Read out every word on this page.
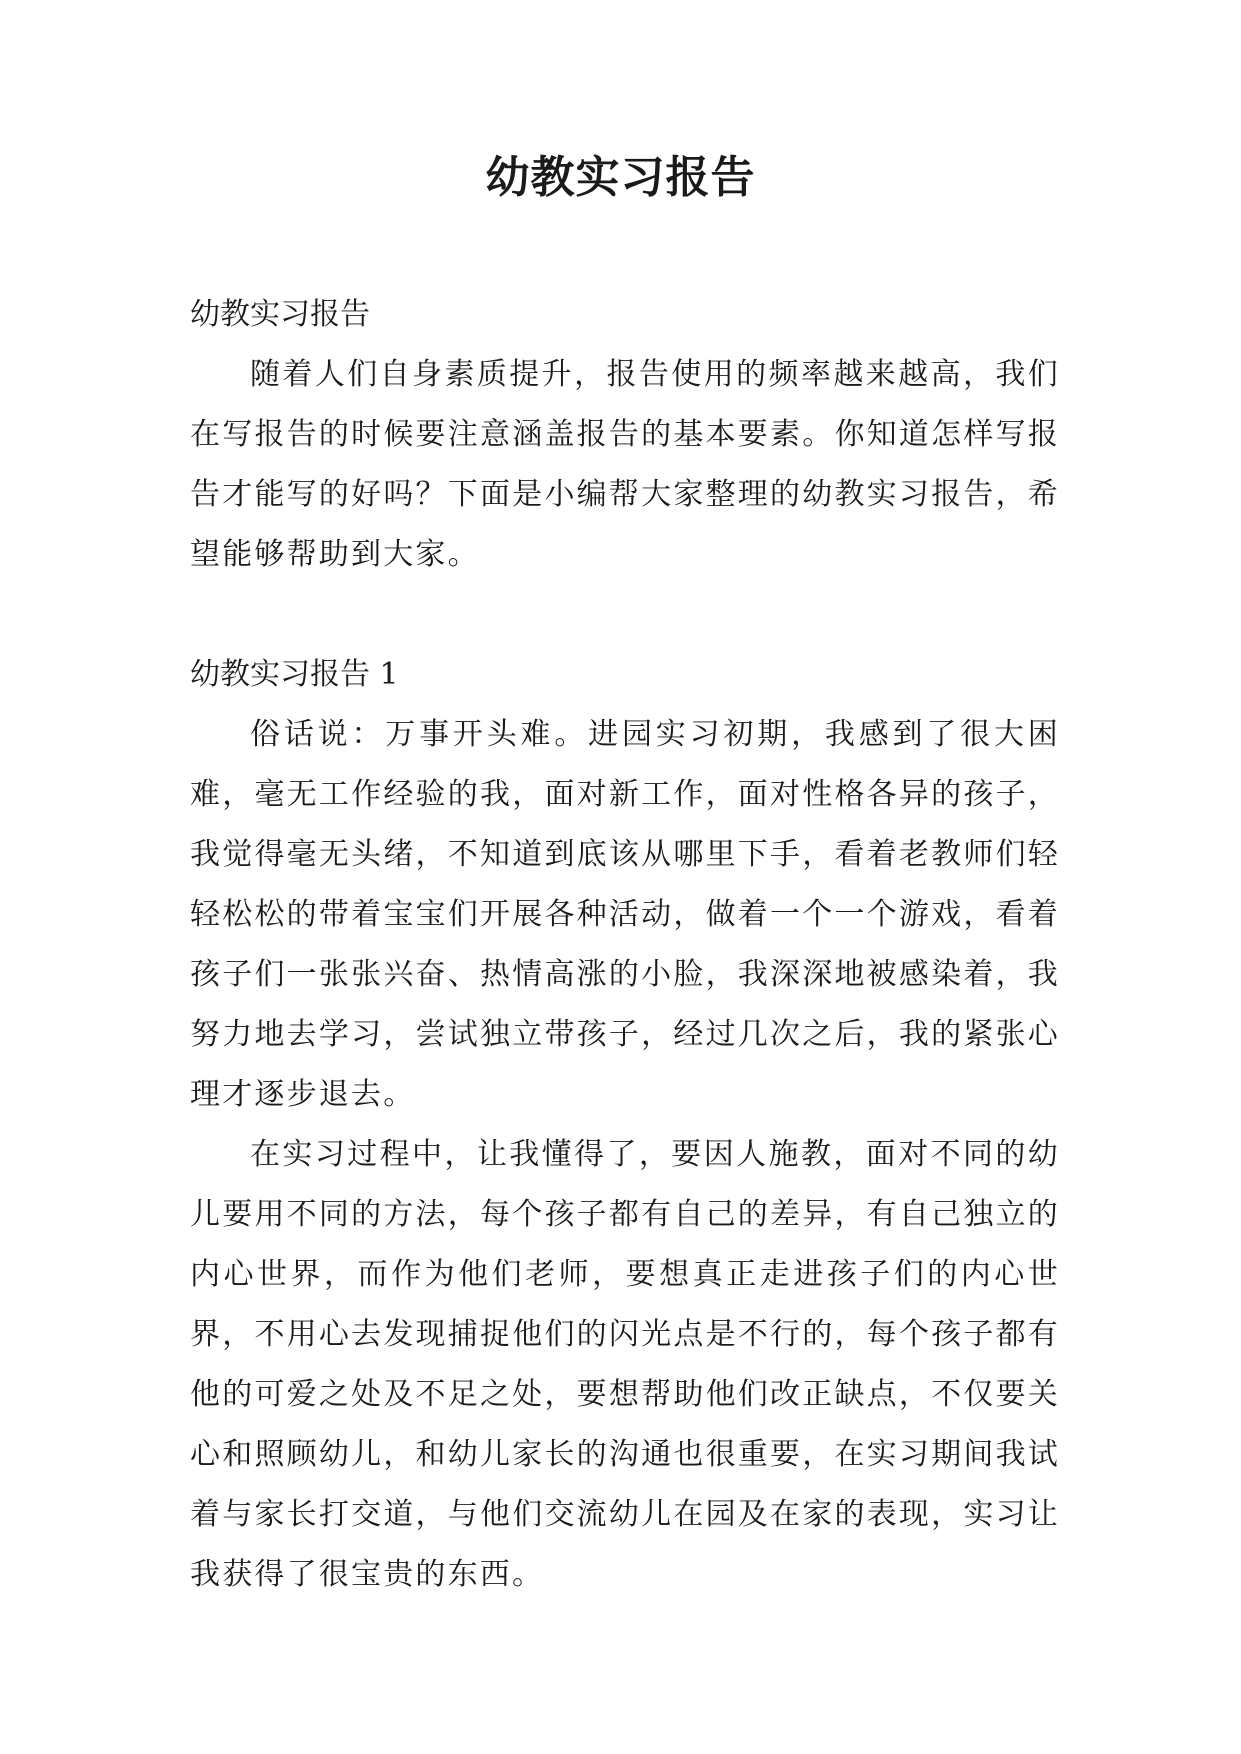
幼教实习报告

幼教实习报告

随着人们自身素质提升，报告使用的频率越来越高，我们在写报告的时候要注意涵盖报告的基本要素。你知道怎样写报告才能写的好吗？下面是小编帮大家整理的幼教实习报告，希望能够帮助到大家。

幼教实习报告 1

俗话说：万事开头难。进园实习初期，我感到了很大困难，毫无工作经验的我，面对新工作，面对性格各异的孩子，我觉得毫无头绪，不知道到底该从哪里下手，看着老教师们轻轻松松的带着宝宝们开展各种活动，做着一个一个游戏，看着孩子们一张张兴奋、热情高涨的小脸，我深深地被感染着，我努力地去学习，尝试独立带孩子，经过几次之后，我的紧张心理才逐步退去。

在实习过程中，让我懂得了，要因人施教，面对不同的幼儿要用不同的方法，每个孩子都有自己的差异，有自己独立的内心世界，而作为他们老师，要想真正走进孩子们的内心世界，不用心去发现捕捉他们的闪光点是不行的，每个孩子都有他的可爱之处及不足之处，要想帮助他们改正缺点，不仅要关心和照顾幼儿，和幼儿家长的沟通也很重要，在实习期间我试着与家长打交道，与他们交流幼儿在园及在家的表现，实习让我获得了很宝贵的东西。
